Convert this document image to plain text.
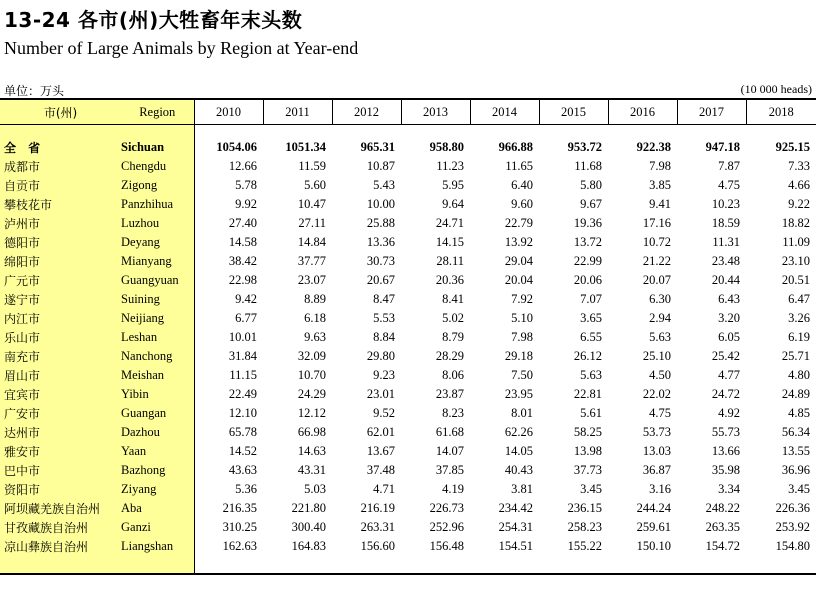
13-24 各市(州)大牲畜年末头数
Number of Large Animals by Region at Year-end
单位：万头	(10 000 heads)
市(州)	Region	2010	2011	2012	2013	2014	2015	2016	2017	2018

全 省	Sichuan	1054.06	1051.34	965.31	958.80	966.88	953.72	922.38	947.18	925.15
成都市	Chengdu	12.66	11.59	10.87	11.23	11.65	11.68	7.98	7.87	7.33
自贡市	Zigong	5.78	5.60	5.43	5.95	6.40	5.80	3.85	4.75	4.66
攀枝花市	Panzhihua	9.92	10.47	10.00	9.64	9.60	9.67	9.41	10.23	9.22
泸州市	Luzhou	27.40	27.11	25.88	24.71	22.79	19.36	17.16	18.59	18.82
德阳市	Deyang	14.58	14.84	13.36	14.15	13.92	13.72	10.72	11.31	11.09
绵阳市	Mianyang	38.42	37.77	30.73	28.11	29.04	22.99	21.22	23.48	23.10
广元市	Guangyuan	22.98	23.07	20.67	20.36	20.04	20.06	20.07	20.44	20.51
遂宁市	Suining	9.42	8.89	8.47	8.41	7.92	7.07	6.30	6.43	6.47
内江市	Neijiang	6.77	6.18	5.53	5.02	5.10	3.65	2.94	3.20	3.26
乐山市	Leshan	10.01	9.63	8.84	8.79	7.98	6.55	5.63	6.05	6.19
南充市	Nanchong	31.84	32.09	29.80	28.29	29.18	26.12	25.10	25.42	25.71
眉山市	Meishan	11.15	10.70	9.23	8.06	7.50	5.63	4.50	4.77	4.80
宜宾市	Yibin	22.49	24.29	23.01	23.87	23.95	22.81	22.02	24.72	24.89
广安市	Guangan	12.10	12.12	9.52	8.23	8.01	5.61	4.75	4.92	4.85
达州市	Dazhou	65.78	66.98	62.01	61.68	62.26	58.25	53.73	55.73	56.34
雅安市	Yaan	14.52	14.63	13.67	14.07	14.05	13.98	13.03	13.66	13.55
巴中市	Bazhong	43.63	43.31	37.48	37.85	40.43	37.73	36.87	35.98	36.96
资阳市	Ziyang	5.36	5.03	4.71	4.19	3.81	3.45	3.16	3.34	3.45
阿坝藏羌族自治州	Aba	216.35	221.80	216.19	226.73	234.42	236.15	244.24	248.22	226.36
甘孜藏族自治州	Ganzi	310.25	300.40	263.31	252.96	254.31	258.23	259.61	263.35	253.92
凉山彝族自治州	Liangshan	162.63	164.83	156.60	156.48	154.51	155.22	150.10	154.72	154.80
